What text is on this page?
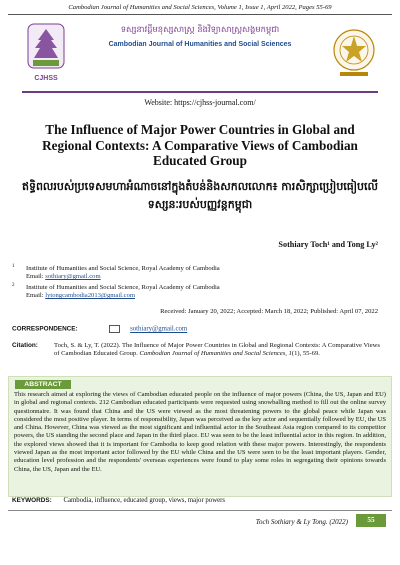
Cambodian Journal of Humanities and Social Sciences, Volume 1, Issue 1, April 2022, Pages 55-69
CJHSS
ទស្សនាវដ្តីមនុស្សសាស្ត្រ និងវិទ្យាសាស្ត្រសង្គមកម្ពុជា
Cambodian Journal of Humanities and Social Sciences
Website: https://cjhss-journal.com/
The Influence of Major Power Countries in Global and Regional Contexts: A Comparative Views of Cambodian Educated Group
ឥទ្ធិពលរបស់ប្រទេសមហាអំណាចនៅក្នុងតំបន់និងសកលលោក៖ ការសិក្សាប្រៀបធៀបលើទស្សនៈរបស់បញ្ញវន្តកម្ពុជា
Sothiary Toch¹ and Tong Ly²
1 Institute of Humanities and Social Science, Royal Academy of Cambodia
Email: sothiary@gmail.com
2 Institute of Humanities and Social Science, Royal Academy of Cambodia
Email: lytongcambodia2013@gmail.com
Received: January 20, 2022; Accepted: March 18, 2022; Published: April 07, 2022
CORRESPONDENCE:	sothiary@gmail.com
Citation: Toch, S. & Ly, T. (2022). The Influence of Major Power Countries in Global and Regional Contexts: A Comparative Views of Cambodian Educated Group. Cambodian Journal of Humanities and Social Sciences, 1(1), 55-69.
ABSTRACT
This research aimed at exploring the views of Cambodian educated people on the influence of major powers (China, the US, Japan and EU) in global and regional contexts. 212 Cambodian educated participants were requested using snowballing method to fill out the online survey questionnaire. It was found that China and the US were viewed as the most threatening powers to the global peace while Japan was considered the most positive player. In terms of responsibility, Japan was perceived as the key actor and sequentially followed by EU, the US and China. However, China was viewed as the most significant and influential actor in the Southeast Asia region compared to its competitor powers, the US standing the second place and Japan in the third place. EU was seen to be the least influential actor in this region. In addition, the explored views showed that it is important for Cambodia to keep good relation with these major powers. Interestingly, the respondents viewed Japan as the most important actor followed by the EU while China and the US were seen to be the least important players. Gender, education level profession and the respondents' overseas experiences were found to play some roles in segregating their opinions towards China, the US, Japan and the EU.
KEYWORDS: Cambodia, influence, educated group, views, major powers
Toch Sothiary & Ly Tong. (2022)	55
